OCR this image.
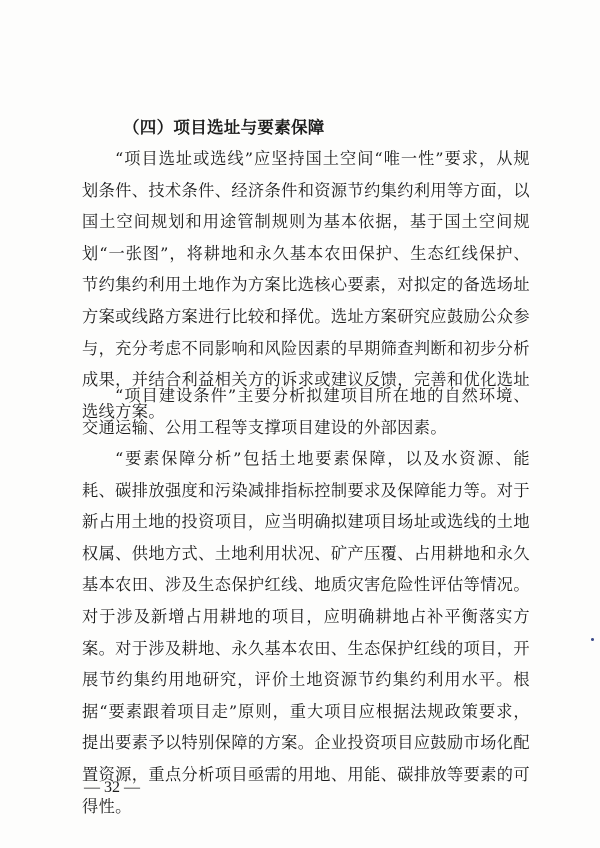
（四）项目选址与要素保障

“项目选址或选线”应坚持国土空间“唯一性”要求，从规划条件、技术条件、经济条件和资源节约集约利用等方面，以国土空间规划和用途管制规则为基本依据，基于国土空间规划“一张图”，将耕地和永久基本农田保护、生态红线保护、节约集约利用土地作为方案比选核心要素，对拟定的备选场址方案或线路方案进行比较和择优。选址方案研究应鼓励公众参与，充分考虑不同影响和风险因素的早期筛查判断和初步分析成果，并结合利益相关方的诉求或建议反馈，完善和优化选址选线方案。

“项目建设条件”主要分析拟建项目所在地的自然环境、交通运输、公用工程等支撑项目建设的外部因素。

“要素保障分析”包括土地要素保障，以及水资源、能耗、碳排放强度和污染减排指标控制要求及保障能力等。对于新占用土地的投资项目，应当明确拟建项目场址或选线的土地权属、供地方式、土地利用状况、矿产压覆、占用耕地和永久基本农田、涉及生态保护红线、地质灾害危险性评估等情况。对于涉及新增占用耕地的项目，应明确耕地占补平衡落实方案。对于涉及耕地、永久基本农田、生态保护红线的项目，开展节约集约用地研究，评价土地资源节约集约利用水平。根据“要素跟着项目走”原则，重大项目应根据法规政策要求，提出要素予以特别保障的方案。企业投资项目应鼓励市场化配置资源，重点分析项目亟需的用地、用能、碳排放等要素的可得性。

— 32 —
